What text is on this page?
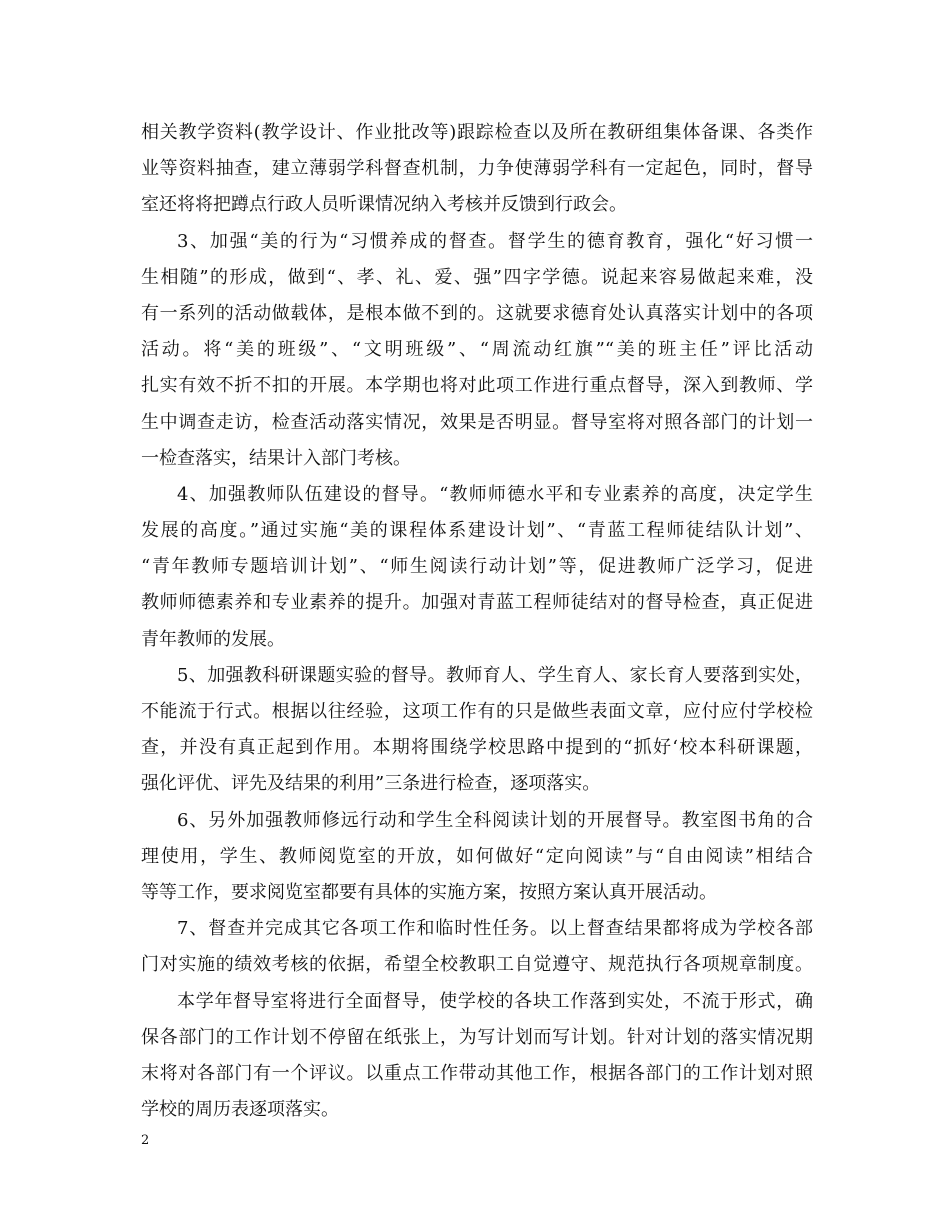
相关教学资料(教学设计、作业批改等)跟踪检查以及所在教研组集体备课、各类作
业等资料抽查，建立薄弱学科督查机制，力争使薄弱学科有一定起色，同时，督导
室还将将把蹲点行政人员听课情况纳入考核并反馈到行政会。
3、加强“美的行为“习惯养成的督查。督学生的德育教育，强化“好习惯一
生相随”的形成，做到“、孝、礼、爱、强”四字学德。说起来容易做起来难，没
有一系列的活动做载体，是根本做不到的。这就要求德育处认真落实计划中的各项
活动。将“美的班级”、“文明班级”、“周流动红旗”“美的班主任”评比活动
扎实有效不折不扣的开展。本学期也将对此项工作进行重点督导，深入到教师、学
生中调查走访，检查活动落实情况，效果是否明显。督导室将对照各部门的计划一
一检查落实，结果计入部门考核。
4、加强教师队伍建设的督导。“教师师德水平和专业素养的高度，决定学生
发展的高度。”通过实施“美的课程体系建设计划”、“青蓝工程师徒结队计划”、
“青年教师专题培训计划”、“师生阅读行动计划”等，促进教师广泛学习，促进
教师师德素养和专业素养的提升。加强对青蓝工程师徒结对的督导检查，真正促进
青年教师的发展。
5、加强教科研课题实验的督导。教师育人、学生育人、家长育人要落到实处，
不能流于行式。根据以往经验，这项工作有的只是做些表面文章，应付应付学校检
查，并没有真正起到作用。本期将围绕学校思路中提到的“抓好‘校本科研课题，
强化评优、评先及结果的利用”三条进行检查，逐项落实。
6、另外加强教师修远行动和学生全科阅读计划的开展督导。教室图书角的合
理使用，学生、教师阅览室的开放，如何做好“定向阅读”与“自由阅读”相结合
等等工作，要求阅览室都要有具体的实施方案，按照方案认真开展活动。
7、督查并完成其它各项工作和临时性任务。以上督查结果都将成为学校各部
门对实施的绩效考核的依据，希望全校教职工自觉遵守、规范执行各项规章制度。
本学年督导室将进行全面督导，使学校的各块工作落到实处，不流于形式，确
保各部门的工作计划不停留在纸张上，为写计划而写计划。针对计划的落实情况期
末将对各部门有一个评议。以重点工作带动其他工作，根据各部门的工作计划对照
学校的周历表逐项落实。
2
